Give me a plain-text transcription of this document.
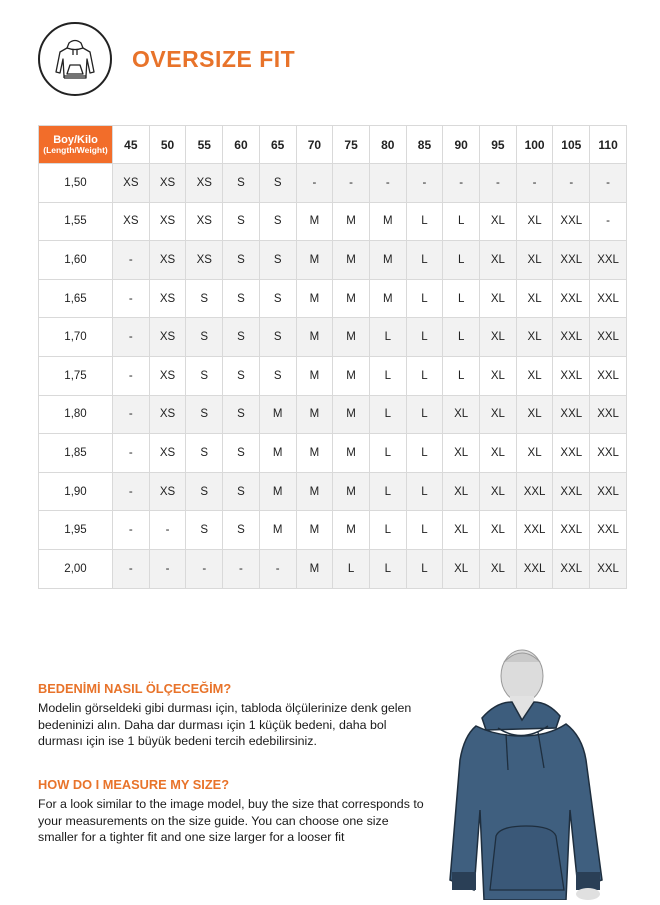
OVERSIZE FIT
Boy/Kilo
(Length/Weight)	45	50	55	60	65	70	75	80	85	90	95	100	105	110
1,50	XS	XS	XS	S	S	-	-	-	-	-	-	-	-	-
1,55	XS	XS	XS	S	S	M	M	M	L	L	XL	XL	XXL	-
1,60	-	XS	XS	S	S	M	M	M	L	L	XL	XL	XXL	XXL
1,65	-	XS	S	S	S	M	M	M	L	L	XL	XL	XXL	XXL
1,70	-	XS	S	S	S	M	M	L	L	L	XL	XL	XXL	XXL
1,75	-	XS	S	S	S	M	M	L	L	L	XL	XL	XXL	XXL
1,80	-	XS	S	S	M	M	M	L	L	XL	XL	XL	XXL	XXL
1,85	-	XS	S	S	M	M	M	L	L	XL	XL	XL	XXL	XXL
1,90	-	XS	S	S	M	M	M	L	L	XL	XL	XXL	XXL	XXL
1,95	-	-	S	S	M	M	M	L	L	XL	XL	XXL	XXL	XXL
2,00	-	-	-	-	-	M	L	L	L	XL	XL	XXL	XXL	XXL
BEDENİMİ NASIL ÖLÇECEĞİM?
Modelin görseldeki gibi durması için, tabloda ölçülerinize denk gelen bedeninizi alın. Daha dar durması için 1 küçük bedeni, daha bol durması için ise 1 büyük bedeni tercih edebilirsiniz.
HOW DO I MEASURE MY SIZE?
For a look similar to the image model, buy the size that corresponds to your measurements on the size guide. You can choose one size smaller for a tighter fit and one size larger for a looser fit
